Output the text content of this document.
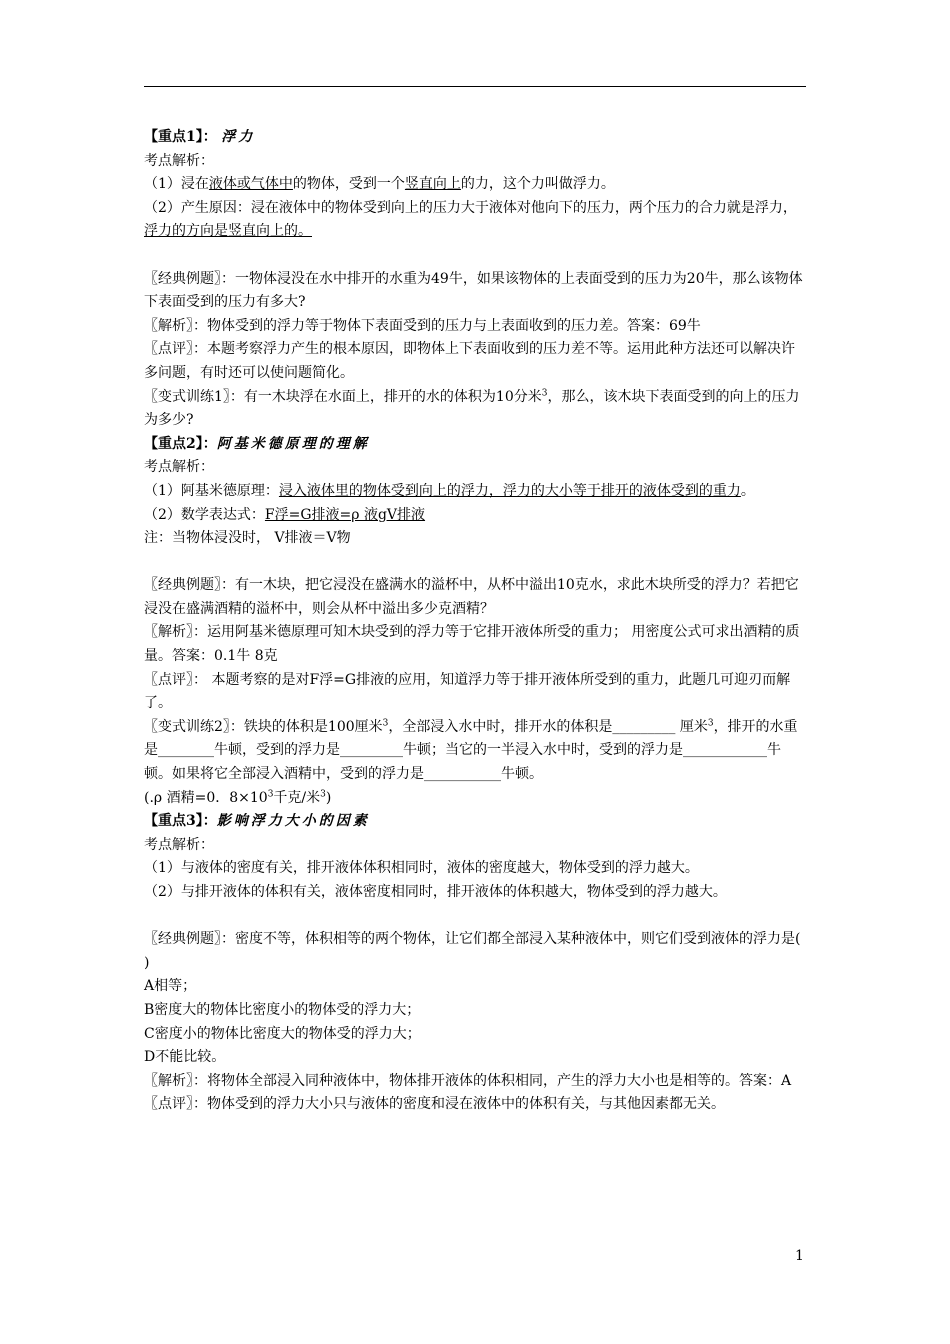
【重点1】： 浮力

考点解析：

（1）浸在液体或气体中的物体，受到一个竖直向上的力，这个力叫做浮力。

（2）产生原因：浸在液体中的物体受到向上的压力大于液体对他向下的压力，两个压力的合力就是浮力，浮力的方向是竖直向上的。

〖经典例题〗：一物体浸没在水中排开的水重为49牛，如果该物体的上表面受到的压力为20牛，那么该物体下表面受到的压力有多大?

〖解析〗：物体受到的浮力等于物体下表面受到的压力与上表面收到的压力差。答案：69牛

〖点评〗：本题考察浮力产生的根本原因，即物体上下表面收到的压力差不等。运用此种方法还可以解决许多问题，有时还可以使问题简化。

〖变式训练1〗：有一木块浮在水面上，排开的水的体积为10分米$^3$，那么，该木块下表面受到的向上的压力为多少?

【重点2】：阿基米德原理的理解

考点解析：

（1）阿基米德原理：浸入液体里的物体受到向上的浮力，浮力的大小等于排开的液体受到的重力。

（2）数学表达式：F浮=G排液=ρ 液gV排液

注：当物体浸没时， V排液＝V物

〖经典例题〗：有一木块，把它浸没在盛满水的溢杯中，从杯中溢出10克水，求此木块所受的浮力？若把它浸没在盛满酒精的溢杯中，则会从杯中溢出多少克酒精？

〖解析〗：运用阿基米德原理可知木块受到的浮力等于它排开液体所受的重力； 用密度公式可求出酒精的质量。答案：0.1牛 8克

〖点评〗： 本题考察的是对F浮=G排液的应用，知道浮力等于排开液体所受到的重力，此题几可迎刃而解了。

〖变式训练2〗：铁块的体积是100厘米$^3$，全部浸入水中时，排开水的体积是_________ 厘米$^3$，排开的水重是________牛顿，受到的浮力是_________牛顿；当它的一半浸入水中时，受到的浮力是____________牛顿。如果将它全部浸入酒精中，受到的浮力是___________牛顿。

(.ρ 酒精=0．$8\times 10^3$千克/米$^3$)

【重点3】：影响浮力大小的因素

考点解析：

（1）与液体的密度有关，排开液体体积相同时，液体的密度越大，物体受到的浮力越大。

（2）与排开液体的体积有关，液体密度相同时，排开液体的体积越大，物体受到的浮力越大。

〖经典例题〗：密度不等，体积相等的两个物体，让它们都全部浸入某种液体中，则它们受到液体的浮力是( )

A相等；

B密度大的物体比密度小的物体受的浮力大；

C密度小的物体比密度大的物体受的浮力大；

D不能比较。

〖解析〗：将物体全部浸入同种液体中，物体排开液体的体积相同，产生的浮力大小也是相等的。答案：A

〖点评〗：物体受到的浮力大小只与液体的密度和浸在液体中的体积有关，与其他因素都无关。

1
